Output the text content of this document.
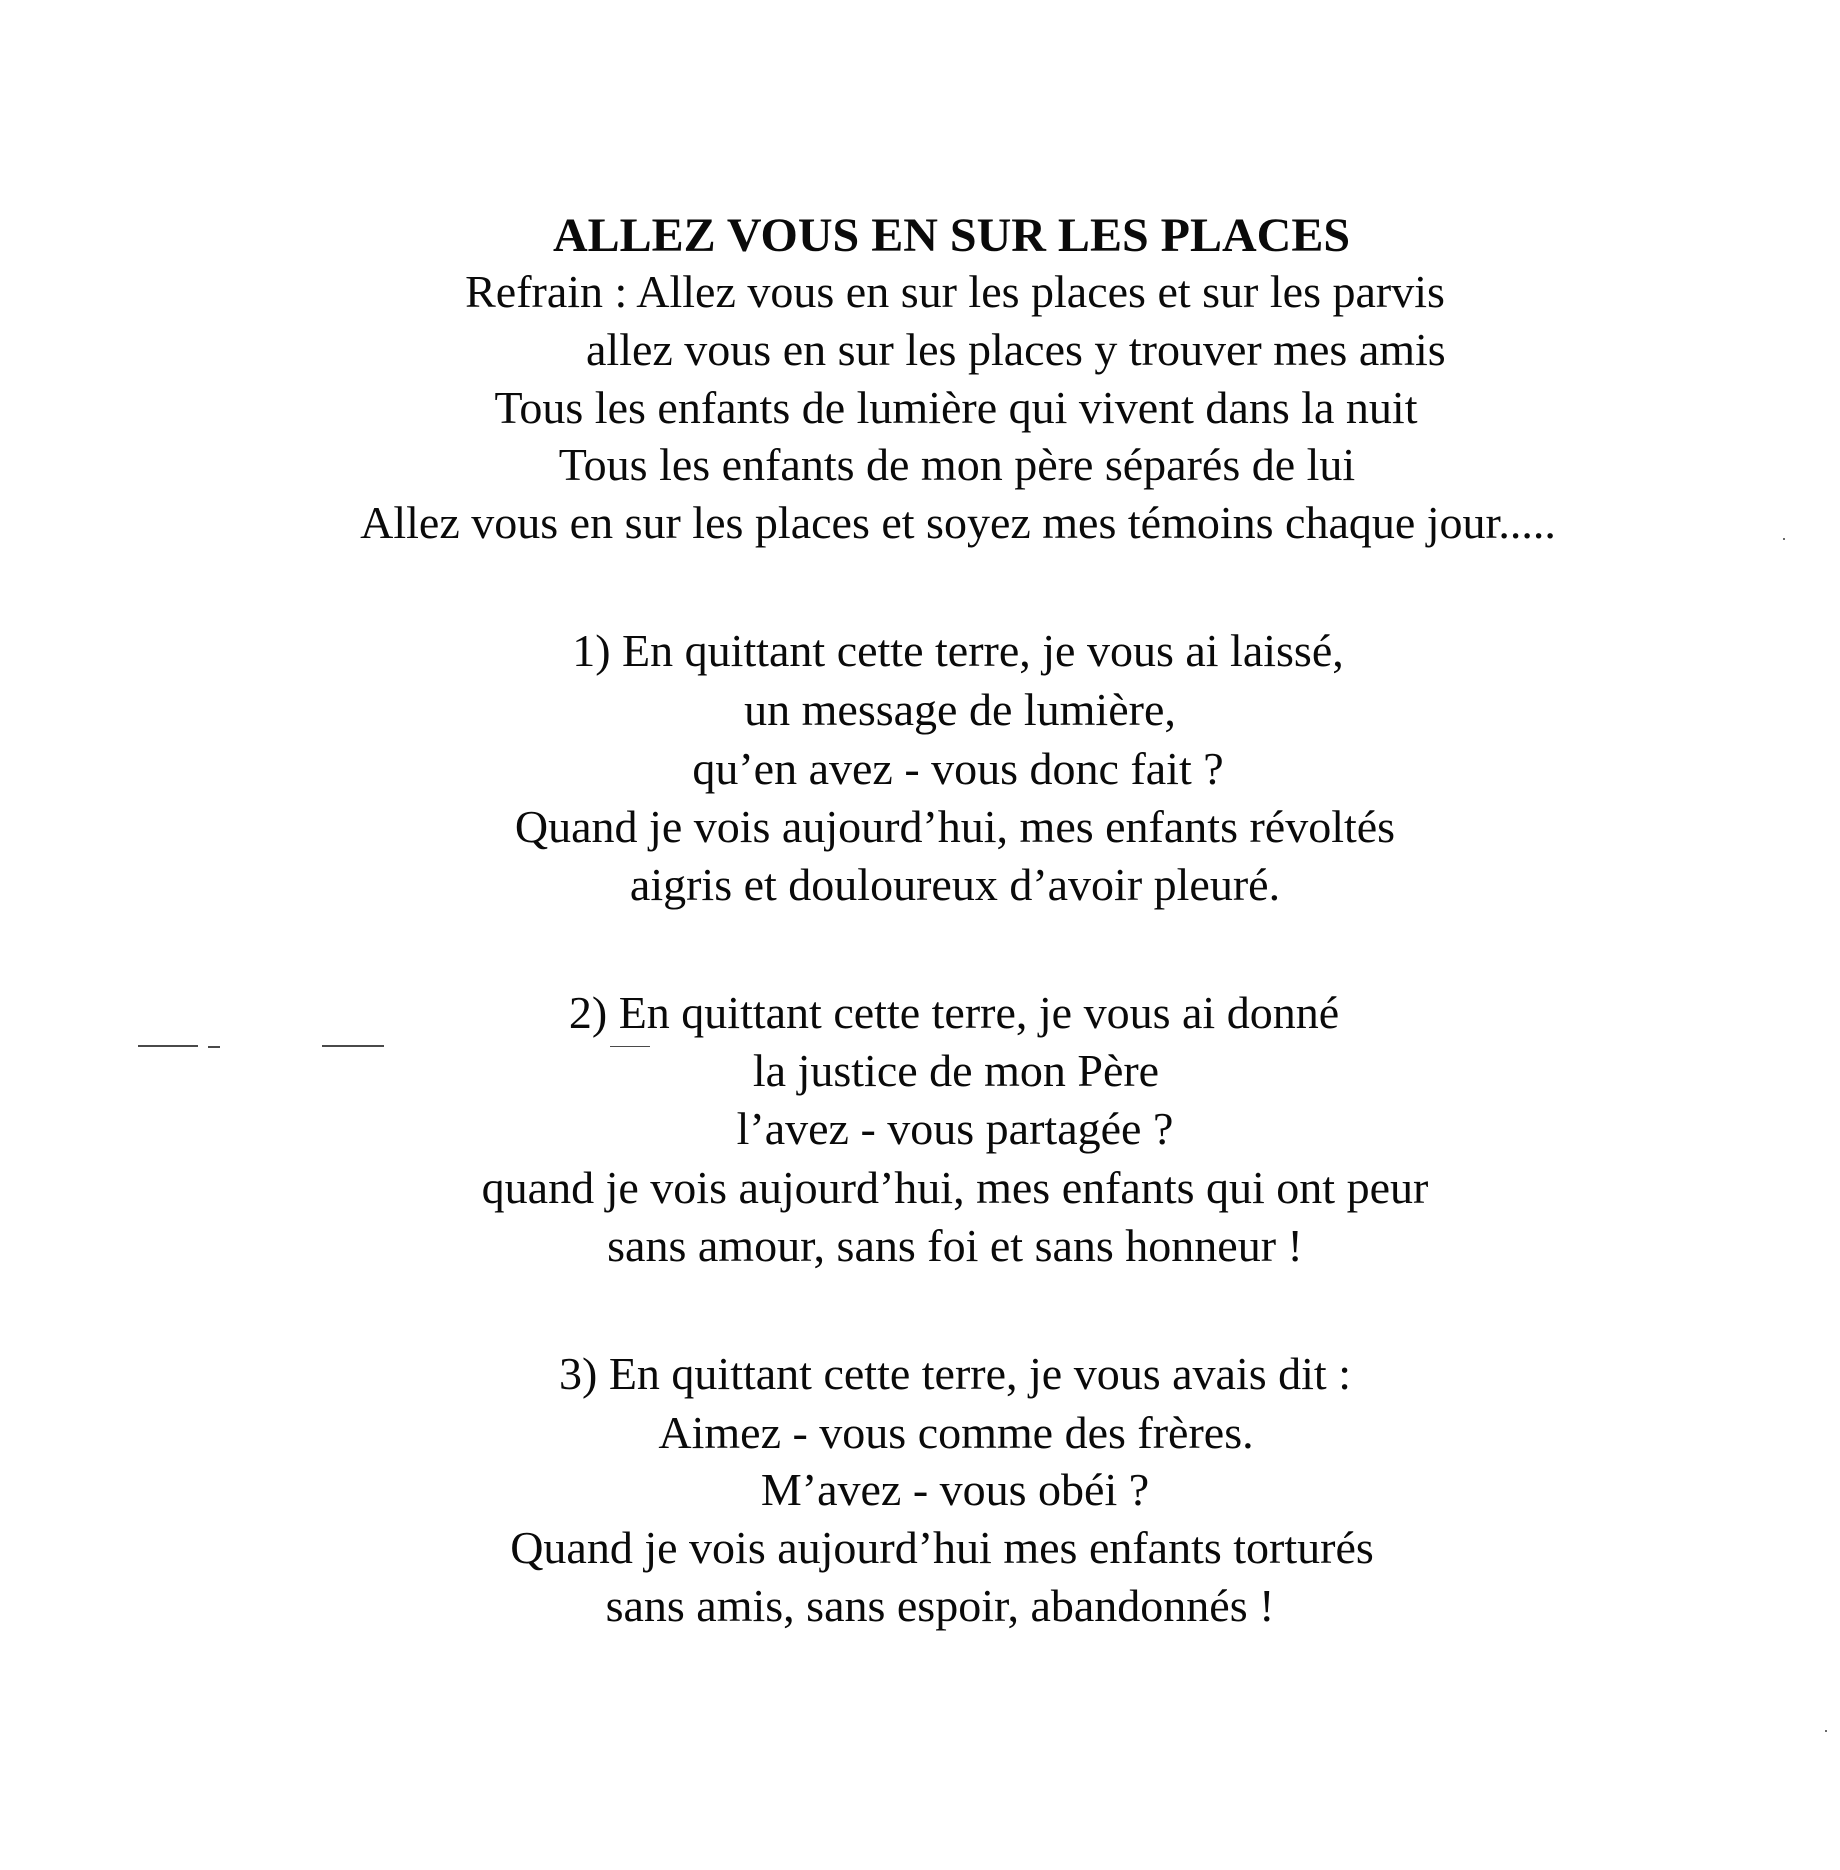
ALLEZ VOUS EN SUR LES PLACES
Refrain : Allez vous en sur les places et sur les parvis
allez vous en sur les places y trouver mes amis
Tous les enfants de lumière qui vivent dans la nuit
Tous les enfants de mon père séparés de lui
Allez vous en sur les places et soyez mes témoins chaque jour.....
1) En quittant cette terre, je vous ai laissé,
un message de lumière,
qu’en avez - vous donc fait ?
Quand je vois aujourd’hui, mes enfants révoltés
aigris et douloureux d’avoir pleuré.
2) En quittant cette terre, je vous ai donné
la justice de mon Père
l’avez - vous partagée ?
quand je vois aujourd’hui, mes enfants qui ont peur
sans amour, sans foi et sans honneur !
3) En quittant cette terre, je vous avais dit :
Aimez - vous comme des frères.
M’avez - vous obéi ?
Quand je vois aujourd’hui mes enfants torturés
sans amis, sans espoir, abandonnés !
